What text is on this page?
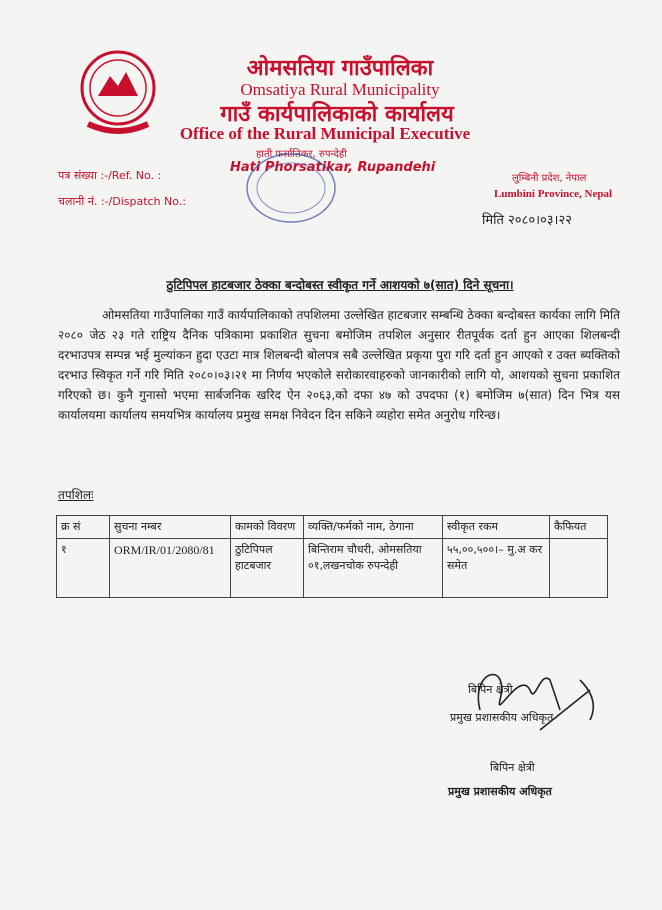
ओमसतिया गाउँपालिका
Omsatiya Rural Municipality
गाउँ कार्यपालिकाको कार्यालय
Office of the Rural Municipal Executive
हाती फर्सातिकर, रुपन्देही
Hati Phorsatikar, Rupandehi
पत्र संख्या :-/Ref. No. :
चलानी नं. :-/Dispatch No.:
लुम्बिनी प्रदेश, नेपाल
Lumbini Province, Nepal
मिति २०८०।०३।२२
ठुटिपिपल हाटबजार ठेक्का बन्दोबस्त स्वीकृत गर्ने आशयको ७(सात) दिने सूचना।
ओमसतिया गाउँपालिका गाउँ कार्यपालिकाको तपशिलमा उल्लेखित हाटबजार सम्बन्धि ठेक्का बन्दोबस्त कार्यका लागि मिति २०८० जेठ २३ गते राष्ट्रिय दैनिक पत्रिकामा प्रकाशित सुचना बमोजिम तपशिल अनुसार रीतपूर्वक दर्ता हुन आएका शिलबन्दी दरभाउपत्र सम्पन्न भई मुल्यांकन हुदा एउटा मात्र शिलबन्दी बोलपत्र सबै उल्लेखित प्रकृया पुरा गरि दर्ता हुन आएको र उक्त ब्यक्तिको दरभाउ स्विकृत गर्ने गरि मिति २०८०।०३।२१ मा निर्णय भएकोले सरोकारवाहरुको जानकारीको लागि यो, आशयको सुचना प्रकाशित गरिएको छ। कुनै गुनासो भएमा सार्बजनिक खरिद ऐन २०६३,को दफा ४७ को उपदफा (१) बमोजिम ७(सात) दिन भित्र यस कार्यालयमा कार्यालय समयभित्र कार्यालय प्रमुख समक्ष निवेदन दिन सकिने व्यहोरा समेत अनुरोध गरिन्छ।
तपशिलः
क्र सं	सुचना नम्बर	कामको विवरण	व्यक्ति/फर्मको नाम, ठेगाना	स्वीकृत रकम	कैफियत
१	ORM/IR/01/2080/81	ठुटिपिपल हाटबजार	बिन्तिराम चौधरी, ओमसतिया ०१,लखनचोक रुपन्देही	५५,००,५००।– मु.अ कर समेत	
बिपिन क्षेत्री
प्रमुख प्रशासकीय अधिकृत
बिपिन क्षेत्री
प्रमुख प्रशासकीय अधिकृत
